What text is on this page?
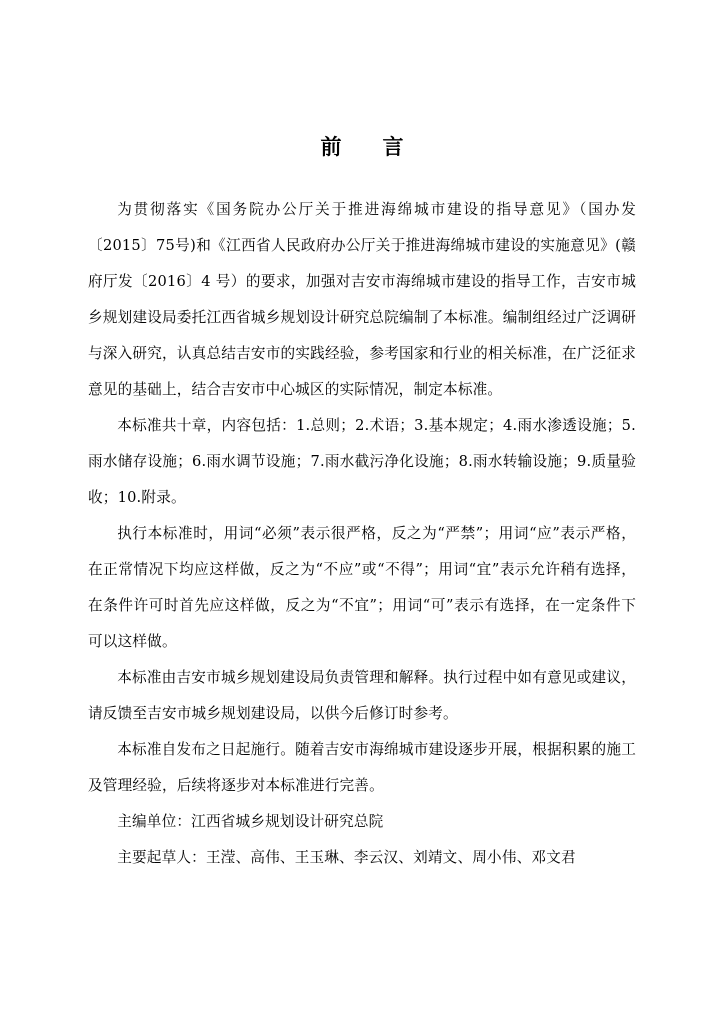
前　言

为贯彻落实《国务院办公厅关于推进海绵城市建设的指导意见》（国办发〔2015〕75号)和《江西省人民政府办公厅关于推进海绵城市建设的实施意见》(赣府厅发〔2016〕4 号）的要求，加强对吉安市海绵城市建设的指导工作，吉安市城乡规划建设局委托江西省城乡规划设计研究总院编制了本标准。编制组经过广泛调研与深入研究，认真总结吉安市的实践经验，参考国家和行业的相关标准，在广泛征求意见的基础上，结合吉安市中心城区的实际情况，制定本标准。

本标准共十章，内容包括：1.总则；2.术语；3.基本规定；4.雨水渗透设施；5.雨水储存设施；6.雨水调节设施；7.雨水截污净化设施；8.雨水转输设施；9.质量验收；10.附录。

执行本标准时，用词“必须”表示很严格，反之为“严禁”；用词“应”表示严格，在正常情况下均应这样做，反之为“不应”或“不得”；用词“宜”表示允许稍有选择，在条件许可时首先应这样做，反之为“不宜”；用词“可”表示有选择，在一定条件下可以这样做。

本标准由吉安市城乡规划建设局负责管理和解释。执行过程中如有意见或建议，请反馈至吉安市城乡规划建设局，以供今后修订时参考。

本标准自发布之日起施行。随着吉安市海绵城市建设逐步开展，根据积累的施工及管理经验，后续将逐步对本标准进行完善。

主编单位：江西省城乡规划设计研究总院

主要起草人：王滢、高伟、王玉琳、李云汉、刘靖文、周小伟、邓文君
